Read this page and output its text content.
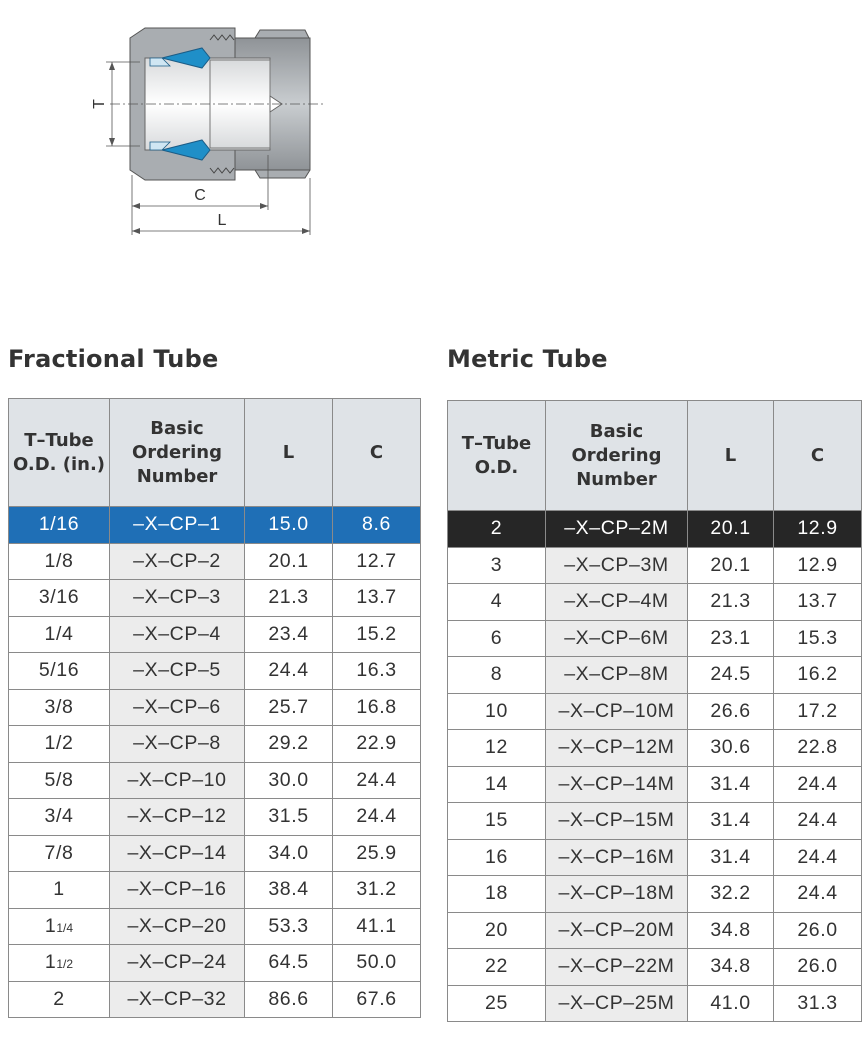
T
C
L
Fractional Tube	Metric Tube
T–Tube O.D. (in.)	Basic Ordering Number	L	C
1/16	–X–CP–1	15.0	8.6
1/8	–X–CP–2	20.1	12.7
3/16	–X–CP–3	21.3	13.7
1/4	–X–CP–4	23.4	15.2
5/16	–X–CP–5	24.4	16.3
3/8	–X–CP–6	25.7	16.8
1/2	–X–CP–8	29.2	22.9
5/8	–X–CP–10	30.0	24.4
3/4	–X–CP–12	31.5	24.4
7/8	–X–CP–14	34.0	25.9
1	–X–CP–16	38.4	31.2
11/4	–X–CP–20	53.3	41.1
11/2	–X–CP–24	64.5	50.0
2	–X–CP–32	86.6	67.6
T–Tube O.D.	Basic Ordering Number	L	C
2	–X–CP–2M	20.1	12.9
3	–X–CP–3M	20.1	12.9
4	–X–CP–4M	21.3	13.7
6	–X–CP–6M	23.1	15.3
8	–X–CP–8M	24.5	16.2
10	–X–CP–10M	26.6	17.2
12	–X–CP–12M	30.6	22.8
14	–X–CP–14M	31.4	24.4
15	–X–CP–15M	31.4	24.4
16	–X–CP–16M	31.4	24.4
18	–X–CP–18M	32.2	24.4
20	–X–CP–20M	34.8	26.0
22	–X–CP–22M	34.8	26.0
25	–X–CP–25M	41.0	31.3
